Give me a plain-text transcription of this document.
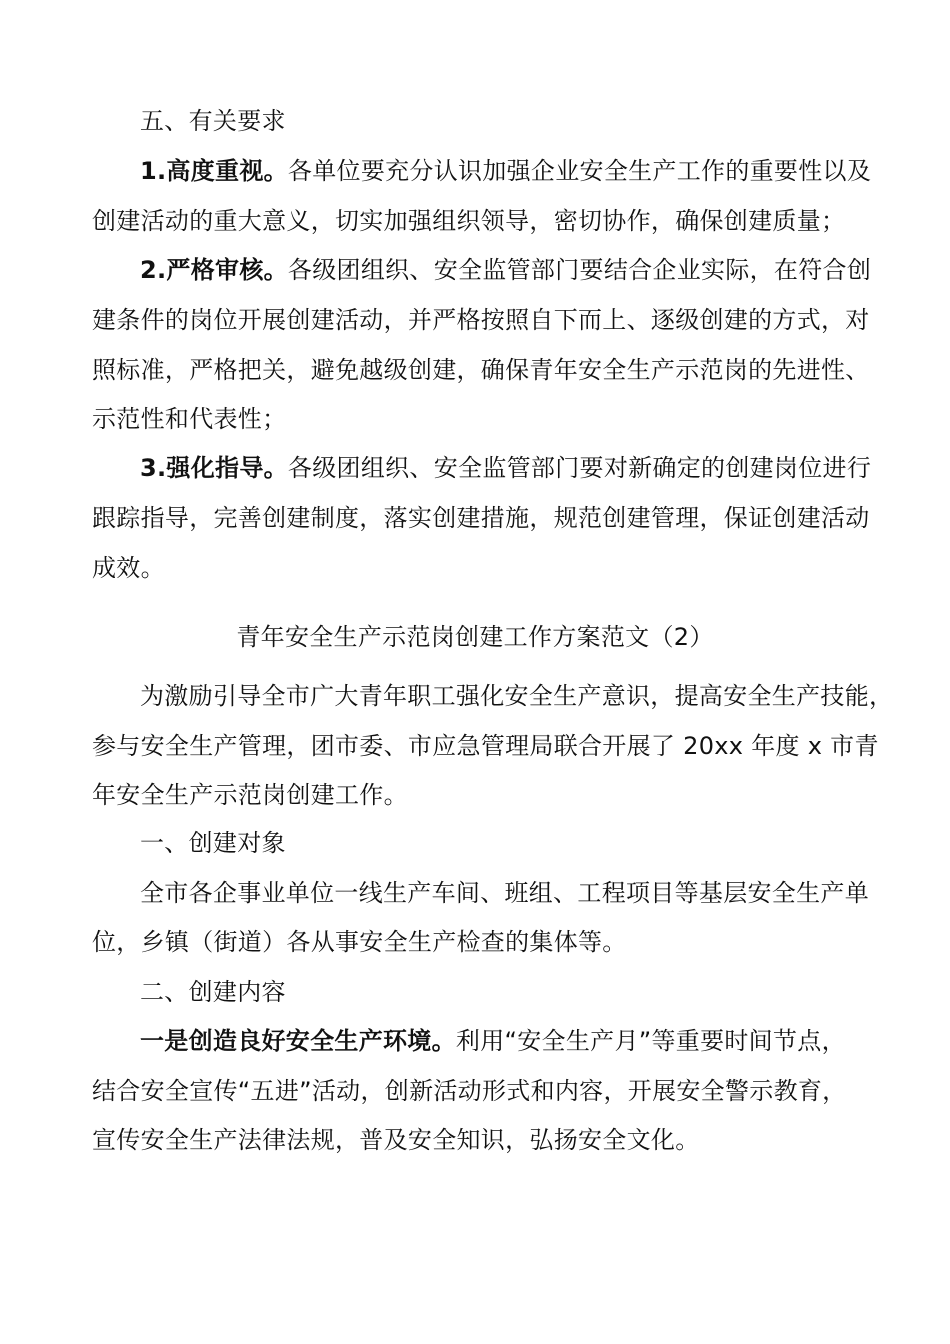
五、有关要求
1.高度重视。各单位要充分认识加强企业安全生产工作的重要性以及
创建活动的重大意义，切实加强组织领导，密切协作，确保创建质量；
2.严格审核。各级团组织、安全监管部门要结合企业实际，在符合创
建条件的岗位开展创建活动，并严格按照自下而上、逐级创建的方式，对
照标准，严格把关，避免越级创建，确保青年安全生产示范岗的先进性、
示范性和代表性；
3.强化指导。各级团组织、安全监管部门要对新确定的创建岗位进行
跟踪指导，完善创建制度，落实创建措施，规范创建管理，保证创建活动
成效。
青年安全生产示范岗创建工作方案范文（2）
为激励引导全市广大青年职工强化安全生产意识，提高安全生产技能，
参与安全生产管理，团市委、市应急管理局联合开展了 20xx 年度 x 市青
年安全生产示范岗创建工作。
一、创建对象
全市各企事业单位一线生产车间、班组、工程项目等基层安全生产单
位，乡镇（街道）各从事安全生产检查的集体等。
二、创建内容
一是创造良好安全生产环境。利用“安全生产月”等重要时间节点，
结合安全宣传“五进”活动，创新活动形式和内容，开展安全警示教育，
宣传安全生产法律法规，普及安全知识，弘扬安全文化。
